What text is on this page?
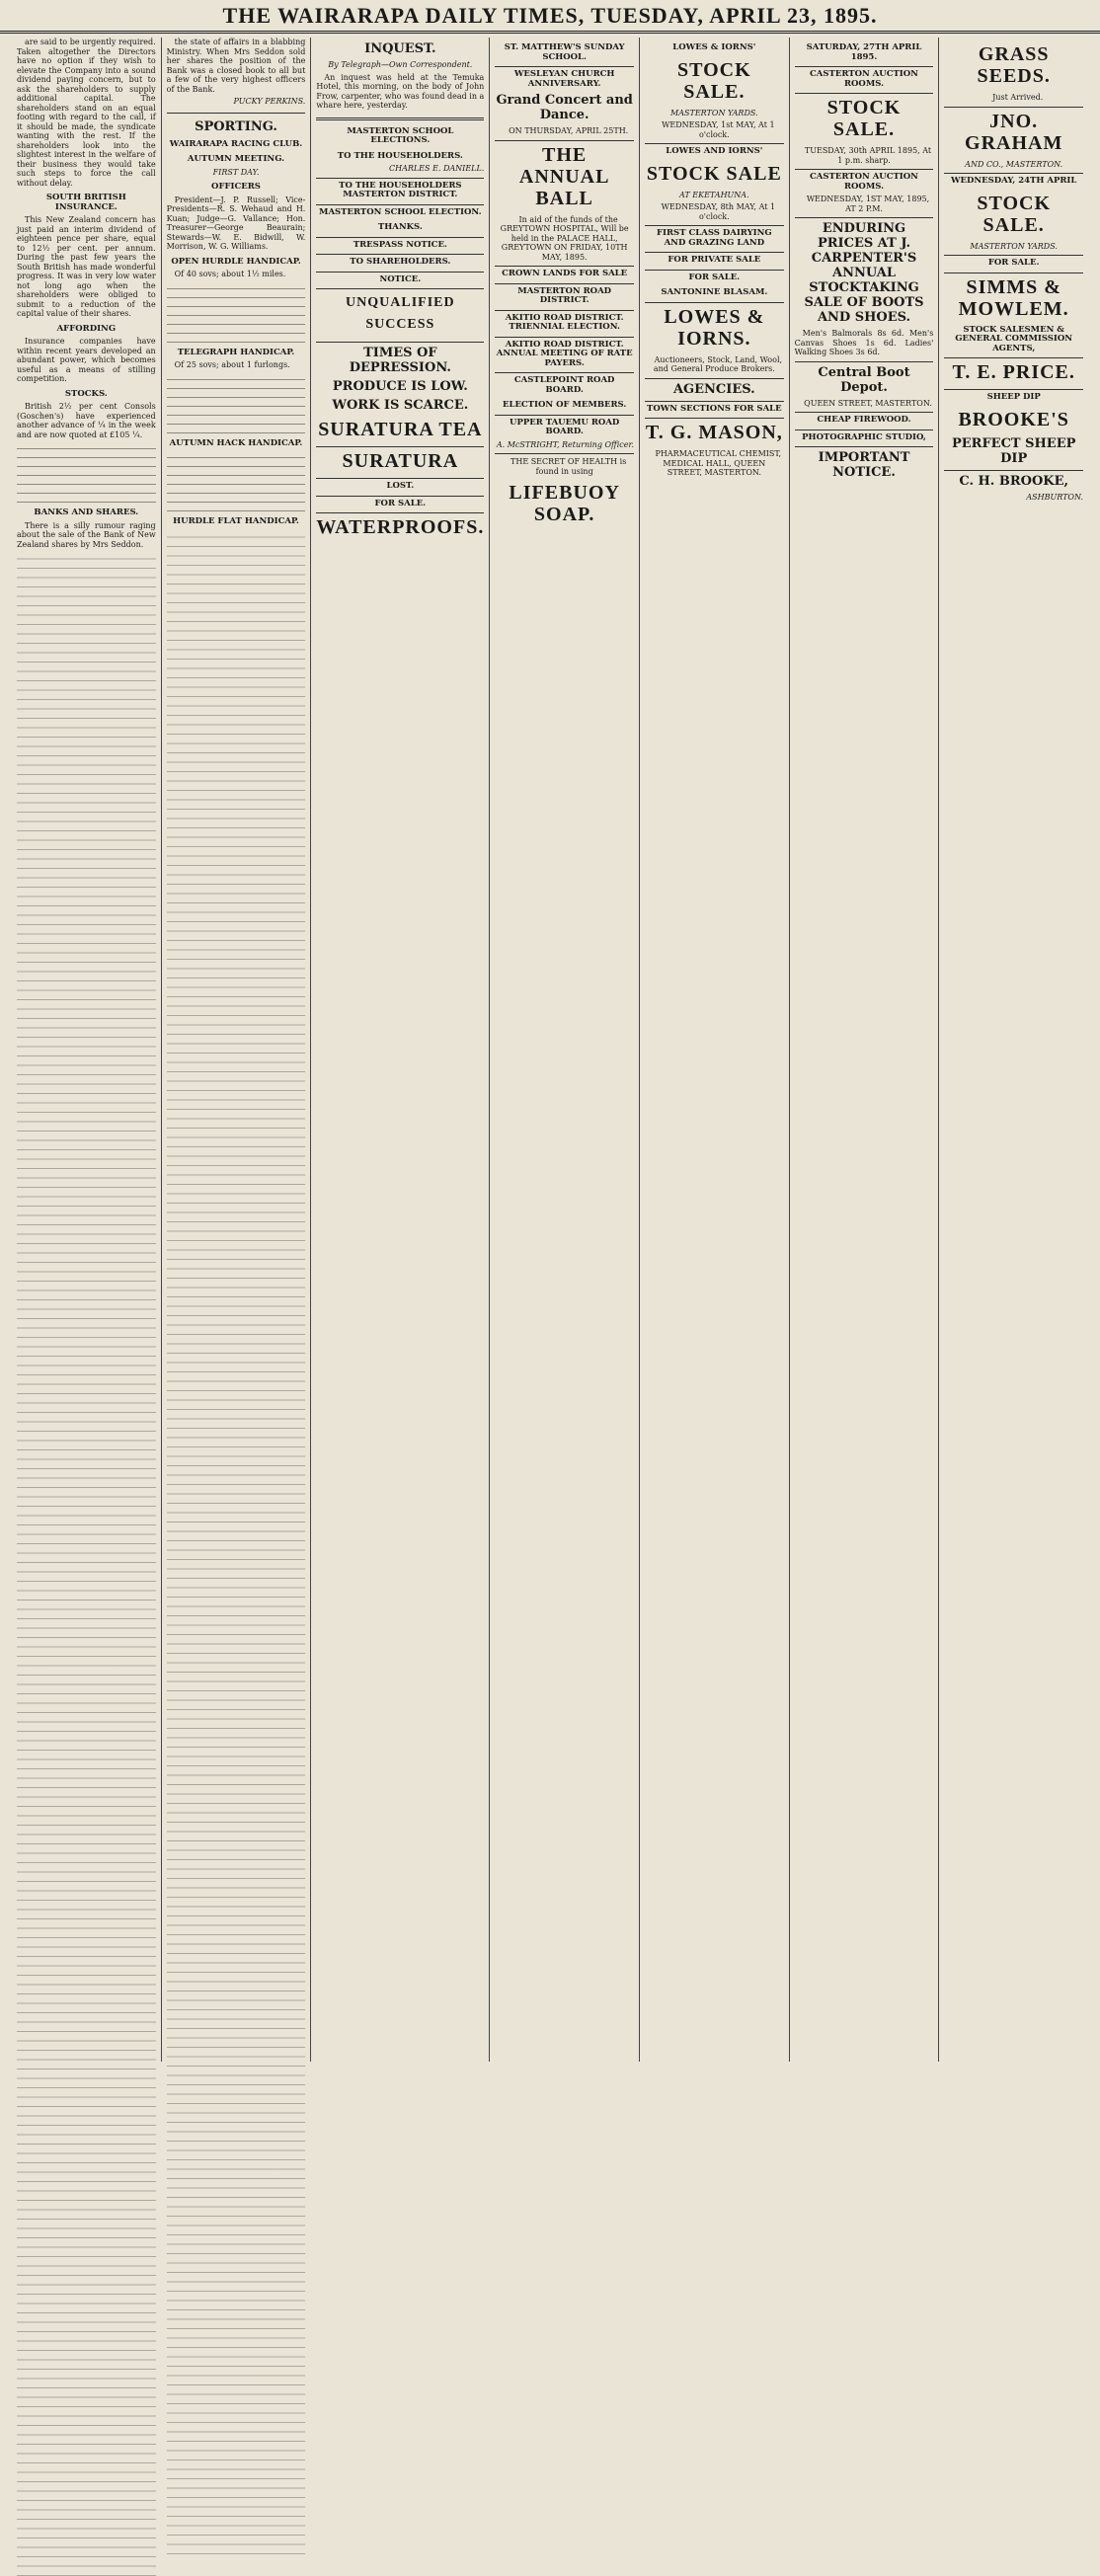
THE WAIRARAPA DAILY TIMES, TUESDAY, APRIL 23, 1895.

are said to be urgently required. Taken altogether the Directors have no option if they wish to elevate the Company into a sound dividend paying concern, but to ask the shareholders to supply additional capital. The shareholders stand on an equal footing with regard to the call, if it should be made, the syndicate wanting with the rest. If the shareholders look into the slightest interest in the welfare of their business they would take such steps to force the call without delay.

SOUTH BRITISH INSURANCE.

This New Zealand concern has just paid an interim dividend of eighteen pence per share, equal to 12½ per cent. per annum. During the past few years the South British has made wonderful progress. It was in very low water not long ago when the shareholders were obliged to submit to a reduction of the capital value of their shares.

AFFORDING

Insurance companies have within recent years developed an abundant power, which becomes useful as a means of stilling competition.

STOCKS.

British 2½ per cent Consols (Goschen's) have experienced another advance of ¼ in the week and are now quoted at £105 ¼.

BANKS AND SHARES.

There is a silly rumour raging about the sale of the Bank of New Zealand shares by Mrs Seddon.

the state of affairs in a blabbing Ministry. When Mrs Seddon sold her shares the position of the Bank was a closed book to all but a few of the very highest officers of the Bank.

PUCKY PERKINS.
SPORTING.
WAIRARAPA RACING CLUB.
AUTUMN MEETING.
FIRST DAY.
OFFICERS

President—J. P. Russell; Vice-Presidents—R. S. Wehaud and H. Kuan; Judge—G. Vallance; Hon. Treasurer—George Beaurain; Stewards—W. E. Bidwill, W. Morrison, W. G. Williams.

OPEN HURDLE HANDICAP.

Of 40 sovs; about 1½ miles.

TELEGRAPH HANDICAP.

Of 25 sovs; about 1 furlongs.

AUTUMN HACK HANDICAP.
HURDLE FLAT HANDICAP.
INQUEST.
By Telegraph—Own Correspondent.

An inquest was held at the Temuka Hotel, this morning, on the body of John Frow, carpenter, who was found dead in a whare here, yesterday.

MASTERTON SCHOOL ELECTIONS.
TO THE HOUSEHOLDERS.
CHARLES E. DANIELL.
TO THE HOUSEHOLDERS MASTERTON DISTRICT.
MASTERTON SCHOOL ELECTION.
THANKS.
TRESPASS NOTICE.
TO SHAREHOLDERS.
NOTICE.
UNQUALIFIED SUCCESS
TIMES OF DEPRESSION.
PRODUCE IS LOW.
WORK IS SCARCE.
SURATURA TEA
SURATURA
LOST.
FOR SALE.
WATERPROOFS.
ST. MATTHEW'S SUNDAY SCHOOL.
WESLEYAN CHURCH ANNIVERSARY.
Grand Concert and Dance.

ON THURSDAY, APRIL 25TH.

THE ANNUAL BALL

In aid of the funds of the GREYTOWN HOSPITAL, Will be held in the PALACE HALL, GREYTOWN ON FRIDAY, 10TH MAY, 1895.

CROWN LANDS FOR SALE
MASTERTON ROAD DISTRICT.
AKITIO ROAD DISTRICT. TRIENNIAL ELECTION.
AKITIO ROAD DISTRICT. ANNUAL MEETING OF RATE PAYERS.
CASTLEPOINT ROAD BOARD.
ELECTION OF MEMBERS.
UPPER TAUEMU ROAD BOARD.
A. McSTRIGHT, Returning Officer.

THE SECRET OF HEALTH is found in using

LIFEBUOY SOAP.
LOWES & IORNS'
STOCK SALE.
MASTERTON YARDS.

WEDNESDAY, 1st MAY, At 1 o'clock.

LOWES AND IORNS'
STOCK SALE
AT EKETAHUNA.

WEDNESDAY, 8th MAY, At 1 o'clock.

FIRST CLASS DAIRYING AND GRAZING LAND
FOR PRIVATE SALE
FOR SALE.
SANTONINE BLASAM.
LOWES & IORNS.

Auctioneers, Stock, Land, Wool, and General Produce Brokers.

AGENCIES.
TOWN SECTIONS FOR SALE
T. G. MASON,

PHARMACEUTICAL CHEMIST, MEDICAL HALL, QUEEN STREET, MASTERTON.

SATURDAY, 27TH APRIL 1895.
CASTERTON AUCTION ROOMS.
STOCK SALE.

TUESDAY, 30th APRIL 1895, At 1 p.m. sharp.

CASTERTON AUCTION ROOMS.

WEDNESDAY, 1ST MAY, 1895, AT 2 P.M.

ENDURING PRICES AT J. CARPENTER'S ANNUAL STOCKTAKING SALE OF BOOTS AND SHOES.

Men's Balmorals 8s 6d. Men's Canvas Shoes 1s 6d. Ladies' Walking Shoes 3s 6d.

Central Boot Depot.

QUEEN STREET, MASTERTON.

CHEAP FIREWOOD.
PHOTOGRAPHIC STUDIO,
IMPORTANT NOTICE.
GRASS SEEDS.

Just Arrived.

JNO. GRAHAM
AND CO., MASTERTON.
WEDNESDAY, 24TH APRIL
STOCK SALE.
MASTERTON YARDS.
FOR SALE.
SIMMS & MOWLEM.
STOCK SALESMEN & GENERAL COMMISSION AGENTS,
T. E. PRICE.
SHEEP DIP
BROOKE'S
PERFECT SHEEP DIP
C. H. BROOKE,
ASHBURTON.
